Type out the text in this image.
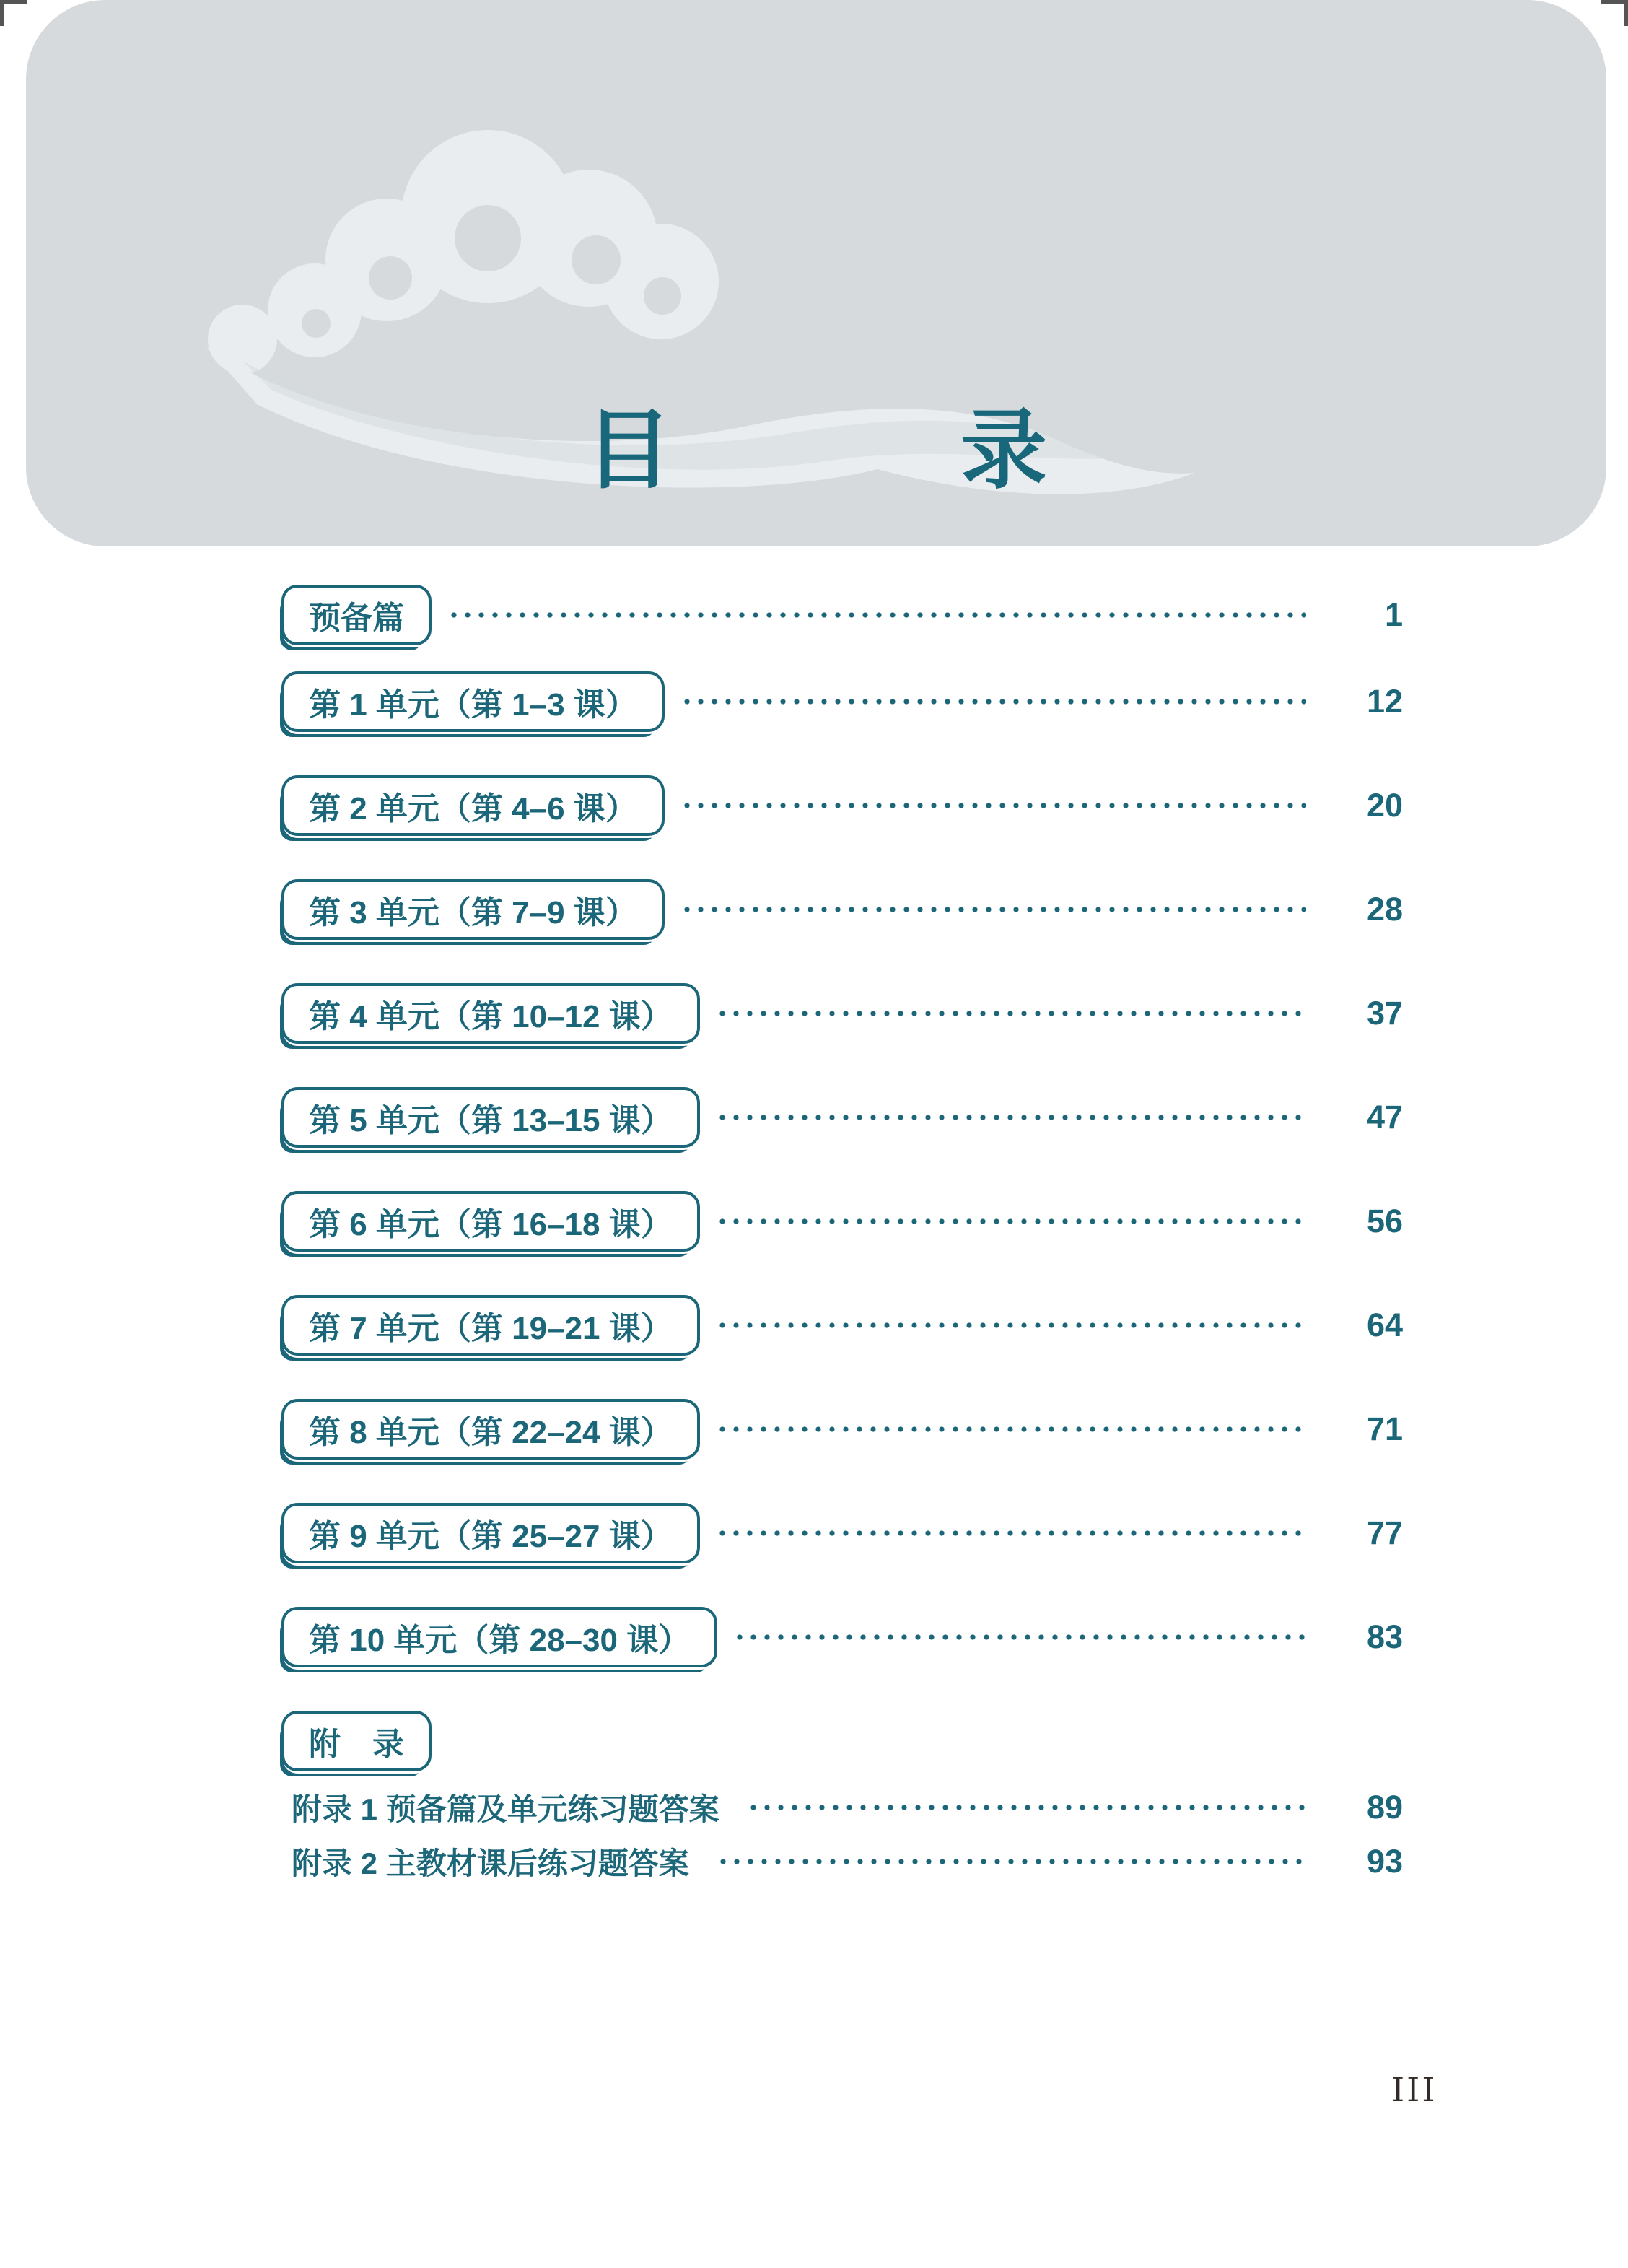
目　录
预备篇	1
第 1 单元（第 1–3 课）	12
第 2 单元（第 4–6 课）	20
第 3 单元（第 7–9 课）	28
第 4 单元（第 10–12 课）	37
第 5 单元（第 13–15 课）	47
第 6 单元（第 16–18 课）	56
第 7 单元（第 19–21 课）	64
第 8 单元（第 22–24 课）	71
第 9 单元（第 25–27 课）	77
第 10 单元（第 28–30 课）	83
附　录
附录 1 预备篇及单元练习题答案	89
附录 2 主教材课后练习题答案	93
III
